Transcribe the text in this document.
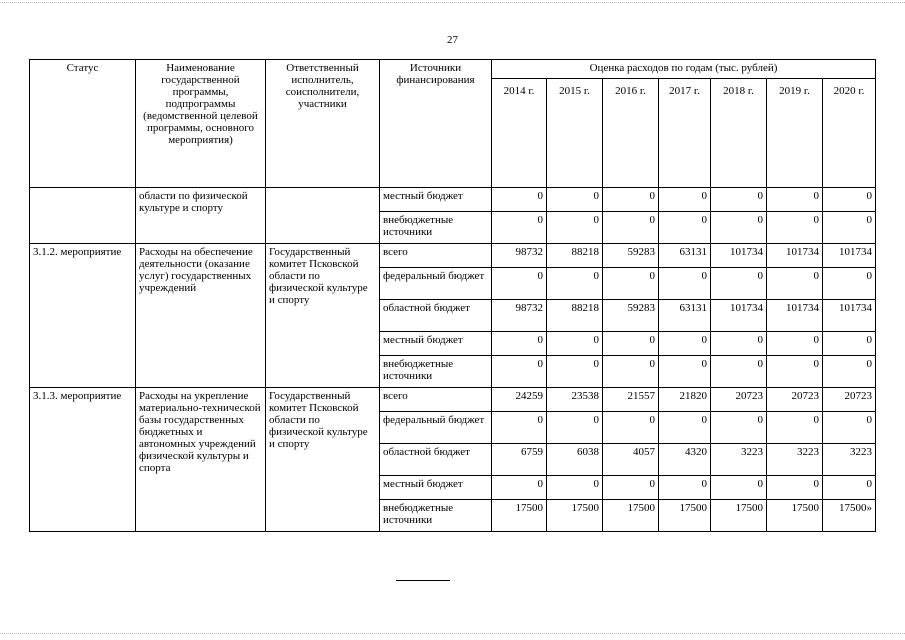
27
Статус	Наименование государственной программы, подпрограммы (ведомственной целевой программы, основного мероприятия)	Ответственный исполнитель, соисполнители, участники	Источники финансирования	Оценка расходов по годам (тыс. рублей)						
				2014 г.	2015 г.	2016 г.	2017 г.	2018 г.	2019 г.	2020 г.
	области по физической культуре и спорту		местный бюджет	0	0	0	0	0	0	0
			внебюджетные источники	0	0	0	0	0	0	0
3.1.2. мероприятие	Расходы на обеспечение деятельности (оказание услуг) государственных учреждений	Государственный комитет Псковской области по физической культуре и спорту	всего	98732	88218	59283	63131	101734	101734	101734
			федеральный бюджет	0	0	0	0	0	0	0
			областной бюджет	98732	88218	59283	63131	101734	101734	101734
			местный бюджет	0	0	0	0	0	0	0
			внебюджетные источники	0	0	0	0	0	0	0
3.1.3. мероприятие	Расходы на укрепление материально-технической базы государственных бюджетных и автономных учреждений физической культуры и спорта	Государственный комитет Псковской области по физической культуре и спорту	всего	24259	23538	21557	21820	20723	20723	20723
			федеральный бюджет	0	0	0	0	0	0	0
			областной бюджет	6759	6038	4057	4320	3223	3223	3223
			местный бюджет	0	0	0	0	0	0	0
			внебюджетные источники	17500	17500	17500	17500	17500	17500	17500»
